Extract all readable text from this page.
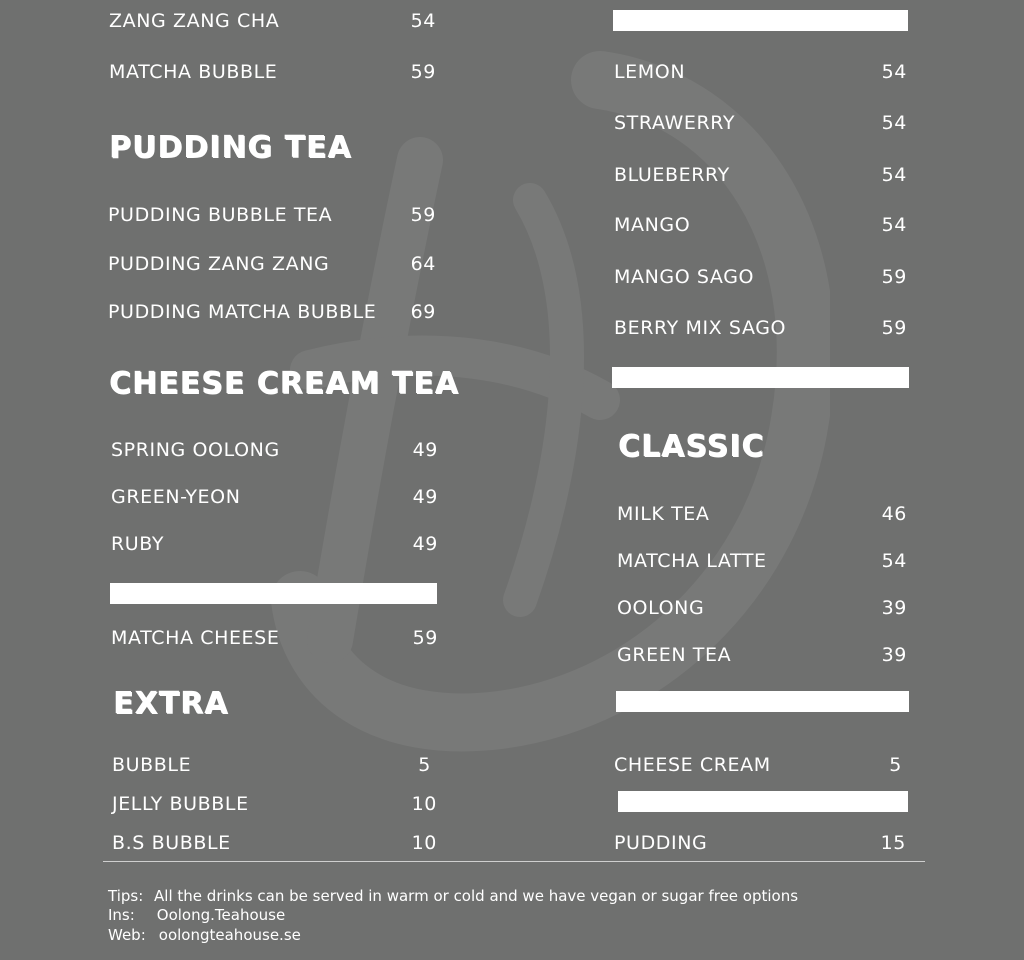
ZANG ZANG CHA	54
MATCHA BUBBLE	59
PUDDING TEA
PUDDING BUBBLE TEA	59
PUDDING ZANG ZANG	64
PUDDING MATCHA BUBBLE 69
CHEESE CREAM TEA
SPRING OOLONG	49
GREEN-YEON	49
RUBY	49
MATCHA CHEESE	59
EXTRA
BUBBLE	5
JELLY BUBBLE	10
B.S BUBBLE	10
LEMON	54
STRAWERRY	54
BLUEBERRY	54
MANGO	54
MANGO SAGO	59
BERRY MIX SAGO	59
CLASSIC
MILK TEA	46
MATCHA LATTE	54
OOLONG	39
GREEN TEA	39
CHEESE CREAM	5
PUDDING	15
Tips: All the drinks can be served in warm or cold and we have vegan or sugar free options
Ins: Oolong.Teahouse
Web: oolongteahouse.se
